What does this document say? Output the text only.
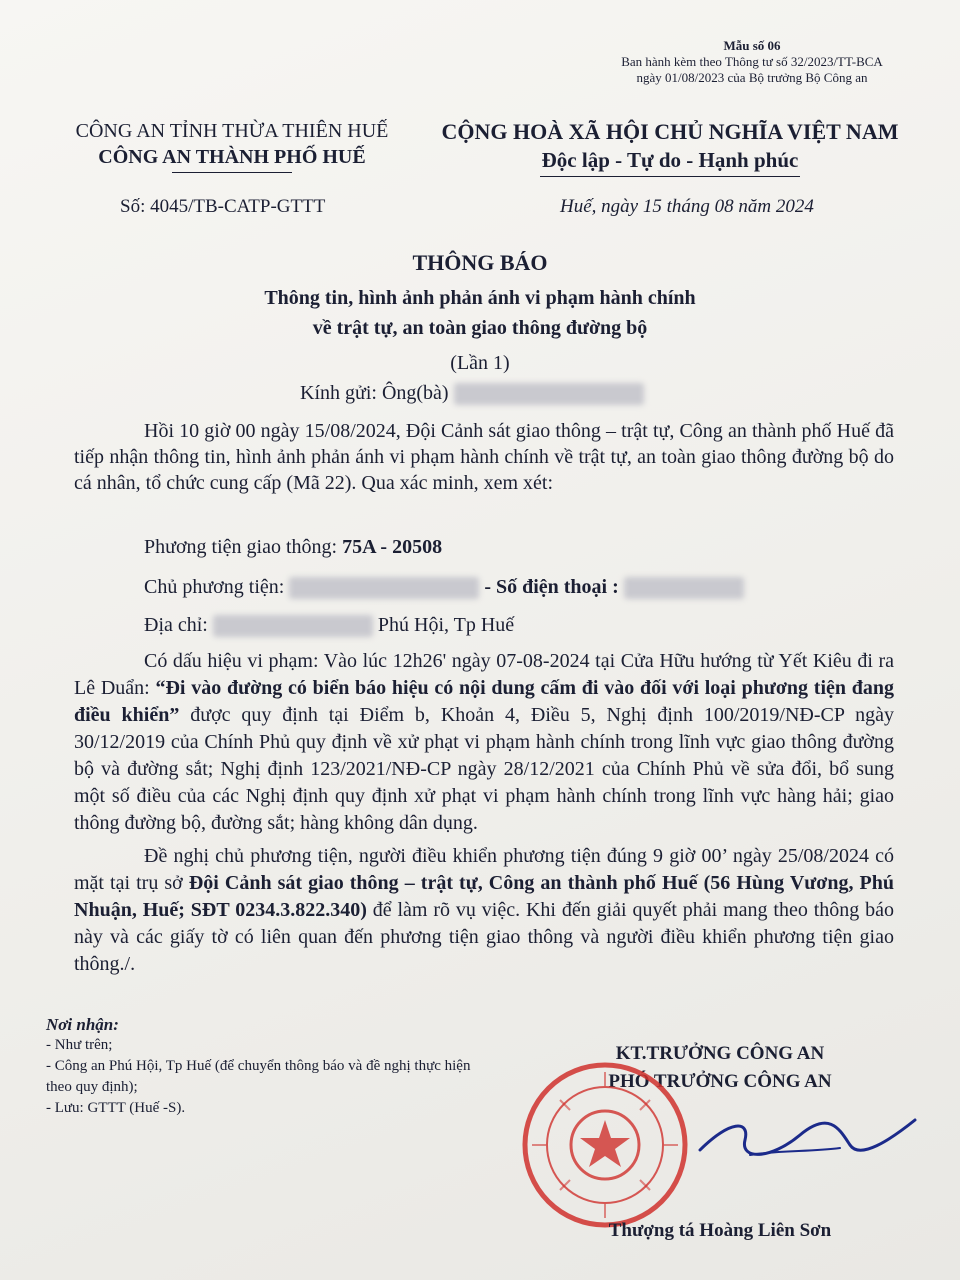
Mẫu số 06
Ban hành kèm theo Thông tư số 32/2023/TT-BCA
ngày 01/08/2023 của Bộ trưởng Bộ Công an
CÔNG AN TỈNH THỪA THIÊN HUẾ
CÔNG AN THÀNH PHỐ HUẾ
CỘNG HOÀ XÃ HỘI CHỦ NGHĨA VIỆT NAM
Độc lập - Tự do - Hạnh phúc
Số: 4045/TB-CATP-GTTT	Huế, ngày 15 tháng 08 năm 2024
THÔNG BÁO
Thông tin, hình ảnh phản ánh vi phạm hành chính
về trật tự, an toàn giao thông đường bộ
(Lần 1)
Kính gửi: Ông(bà)

Hồi 10 giờ 00 ngày 15/08/2024, Đội Cảnh sát giao thông – trật tự, Công an thành phố Huế đã tiếp nhận thông tin, hình ảnh phản ánh vi phạm hành chính về trật tự, an toàn giao thông đường bộ do cá nhân, tổ chức cung cấp (Mã 22). Qua xác minh, xem xét:

Phương tiện giao thông: 75A - 20508
Chủ phương tiện:	- Số điện thoại :
Địa chỉ:	Phú Hội, Tp Huế

Có dấu hiệu vi phạm: Vào lúc 12h26' ngày 07-08-2024 tại Cửa Hữu hướng từ Yết Kiêu đi ra Lê Duẩn: “Đi vào đường có biển báo hiệu có nội dung cấm đi vào đối với loại phương tiện đang điều khiển” được quy định tại Điểm b, Khoản 4, Điều 5, Nghị định 100/2019/NĐ-CP ngày 30/12/2019 của Chính Phủ quy định về xử phạt vi phạm hành chính trong lĩnh vực giao thông đường bộ và đường sắt; Nghị định 123/2021/NĐ-CP ngày 28/12/2021 của Chính Phủ về sửa đổi, bổ sung một số điều của các Nghị định quy định xử phạt vi phạm hành chính trong lĩnh vực hàng hải; giao thông đường bộ, đường sắt; hàng không dân dụng.

Đề nghị chủ phương tiện, người điều khiển phương tiện đúng 9 giờ 00’ ngày 25/08/2024 có mặt tại trụ sở Đội Cảnh sát giao thông – trật tự, Công an thành phố Huế (56 Hùng Vương, Phú Nhuận, Huế; SĐT 0234.3.822.340) để làm rõ vụ việc. Khi đến giải quyết phải mang theo thông báo này và các giấy tờ có liên quan đến phương tiện giao thông và người điều khiển phương tiện giao thông./.

Nơi nhận:
- Như trên;
- Công an Phú Hội, Tp Huế (để chuyển thông báo và đề nghị thực hiện theo quy định);
- Lưu: GTTT (Huế -S).
KT.TRƯỞNG CÔNG AN
PHÓ TRƯỞNG CÔNG AN
Thượng tá Hoàng Liên Sơn
